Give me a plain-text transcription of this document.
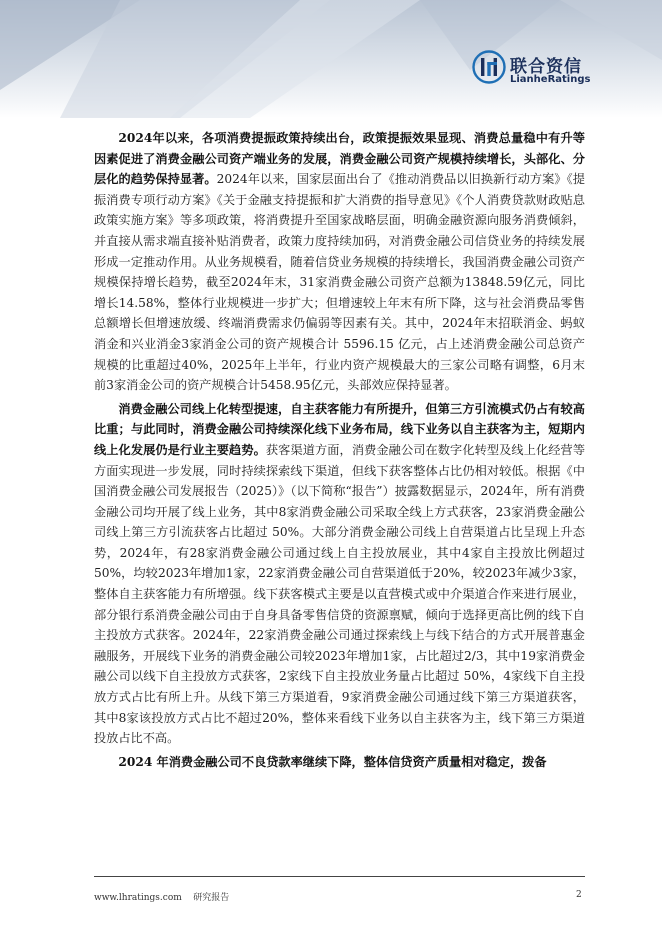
联合资信
LianheRatings

2024年以来，各项消费提振政策持续出台，政策提振效果显现、消费总量稳中有升等因素促进了消费金融公司资产端业务的发展，消费金融公司资产规模持续增长，头部化、分层化的趋势保持显著。2024年以来，国家层面出台了《推动消费品以旧换新行动方案》《提振消费专项行动方案》《关于金融支持提振和扩大消费的指导意见》《个人消费贷款财政贴息政策实施方案》等多项政策，将消费提升至国家战略层面，明确金融资源向服务消费倾斜，并直接从需求端直接补贴消费者，政策力度持续加码，对消费金融公司信贷业务的持续发展形成一定推动作用。从业务规模看，随着信贷业务规模的持续增长，我国消费金融公司资产规模保持增长趋势，截至2024年末，31家消费金融公司资产总额为13848.59亿元，同比增长14.58%，整体行业规模进一步扩大；但增速较上年末有所下降，这与社会消费品零售总额增长但增速放缓、终端消费需求仍偏弱等因素有关。其中，2024年末招联消金、蚂蚁消金和兴业消金3家消金公司的资产规模合计 5596.15 亿元，占上述消费金融公司总资产规模的比重超过40%，2025年上半年，行业内资产规模最大的三家公司略有调整，6月末前3家消金公司的资产规模合计5458.95亿元，头部效应保持显著。

消费金融公司线上化转型提速，自主获客能力有所提升，但第三方引流模式仍占有较高比重；与此同时，消费金融公司持续深化线下业务布局，线下业务以自主获客为主，短期内线上化发展仍是行业主要趋势。获客渠道方面，消费金融公司在数字化转型及线上化经营等方面实现进一步发展，同时持续探索线下渠道，但线下获客整体占比仍相对较低。根据《中国消费金融公司发展报告（2025）》（以下简称“报告”）披露数据显示，2024年，所有消费金融公司均开展了线上业务，其中8家消费金融公司采取全线上方式获客，23家消费金融公司线上第三方引流获客占比超过 50%。大部分消费金融公司线上自营渠道占比呈现上升态势，2024年，有28家消费金融公司通过线上自主投放展业，其中4家自主投放比例超过50%，均较2023年增加1家，22家消费金融公司自营渠道低于20%，较2023年减少3家，整体自主获客能力有所增强。线下获客模式主要是以直营模式或中介渠道合作来进行展业，部分银行系消费金融公司由于自身具备零售信贷的资源禀赋，倾向于选择更高比例的线下自主投放方式获客。2024年，22家消费金融公司通过探索线上与线下结合的方式开展普惠金融服务，开展线下业务的消费金融公司较2023年增加1家，占比超过2/3，其中19家消费金融公司以线下自主投放方式获客，2家线下自主投放业务量占比超过 50%，4家线下自主投放方式占比有所上升。从线下第三方渠道看，9家消费金融公司通过线下第三方渠道获客，其中8家该投放方式占比不超过20%，整体来看线下业务以自主获客为主，线下第三方渠道投放占比不高。

2024 年消费金融公司不良贷款率继续下降，整体信贷资产质量相对稳定，拨备

www.lhratings.com 研究报告	2
